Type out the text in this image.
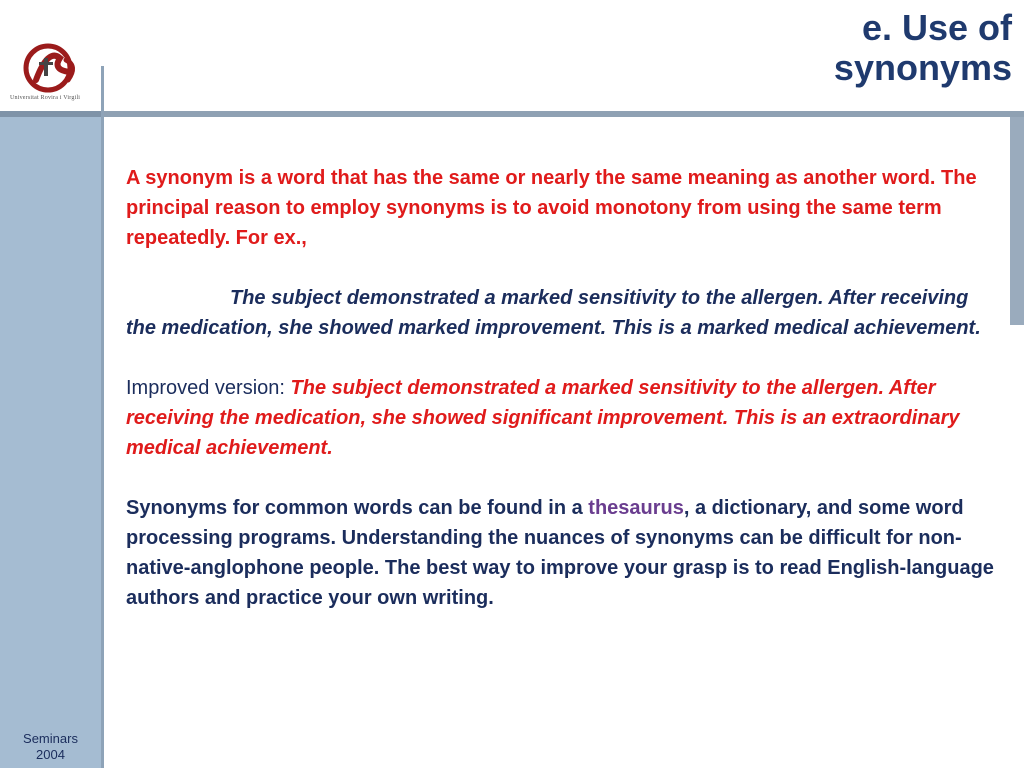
Universitat Rovira i Virgili
e. Use of
synonyms

A synonym is a word that has the same or nearly the same meaning as another word. The principal reason to employ synonyms is to avoid monotony from using the same term repeatedly. For ex.,

The subject demonstrated a marked sensitivity to the allergen. After receiving the medication, she showed marked improvement. This is a marked medical achievement.

Improved version: The subject demonstrated a marked sensitivity to the allergen. After receiving the medication, she showed significant improvement. This is an extraordinary medical achievement.

Synonyms for common words can be found in a thesaurus, a dictionary, and some word processing programs. Understanding the nuances of synonyms can be difficult for non-native-anglophone people. The best way to improve your grasp is to read English-language authors and practice your own writing.

Seminars
2004
